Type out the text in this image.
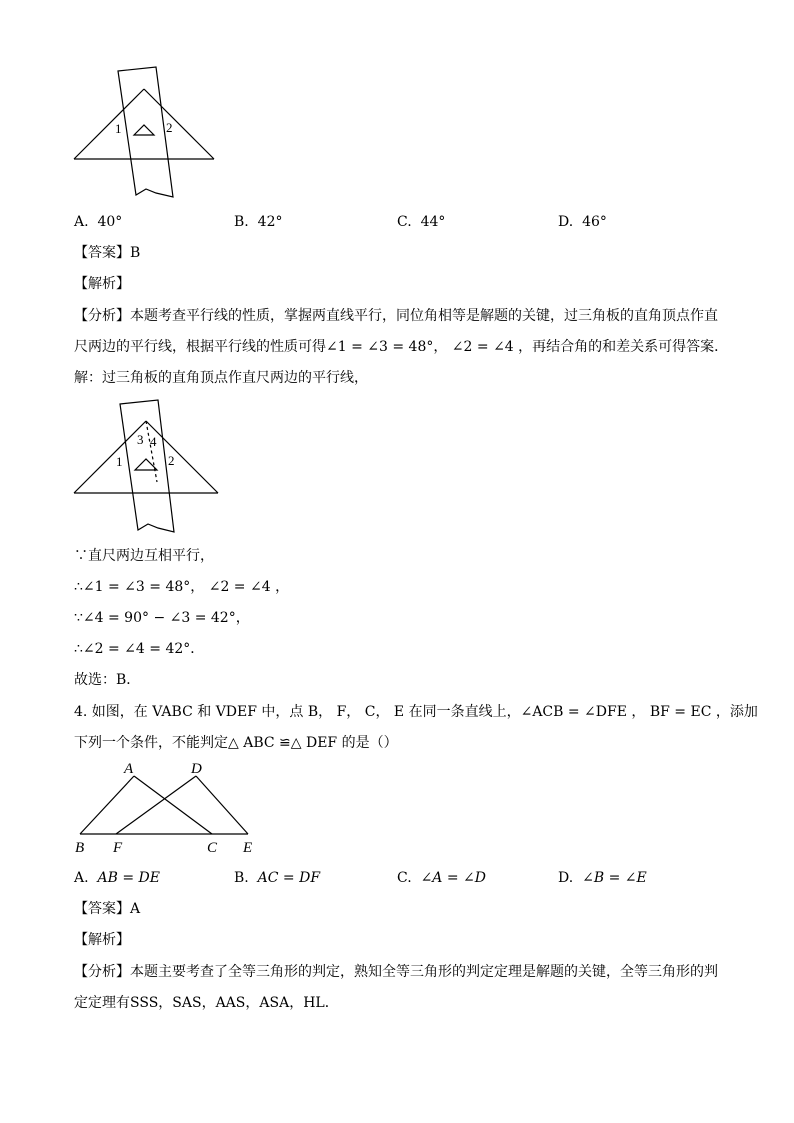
1	2
A. 40°	B. 42°	C. 44°	D. 46°
【答案】B
【解析】
【分析】本题考查平行线的性质，掌握两直线平行，同位角相等是解题的关键，过三角板的直角顶点作直
尺两边的平行线，根据平行线的性质可得∠1 = ∠3 = 48°， ∠2 = ∠4 ，再结合角的和差关系可得答案．
解：过三角板的直角顶点作直尺两边的平行线，
1	2
3 4
∵直尺两边互相平行，
∴∠1 = ∠3 = 48°， ∠2 = ∠4 ，
∵∠4 = 90° − ∠3 = 42°，
∴∠2 = ∠4 = 42°．
故选：B．
4. 如图，在 VABC 和 VDEF 中，点 B， F， C， E 在同一条直线上，∠ACB = ∠DFE ， BF = EC ，添加
下列一个条件，不能判定△ ABC ≌△ DEF 的是（）
A	D
B F	C E
A. AB = DE	B. AC = DF	C. ∠A = ∠D	D. ∠B = ∠E
【答案】A
【解析】
【分析】本题主要考查了全等三角形的判定，熟知全等三角形的判定定理是解题的关键，全等三角形的判
定定理有SSS，SAS，AAS，ASA，HL．
